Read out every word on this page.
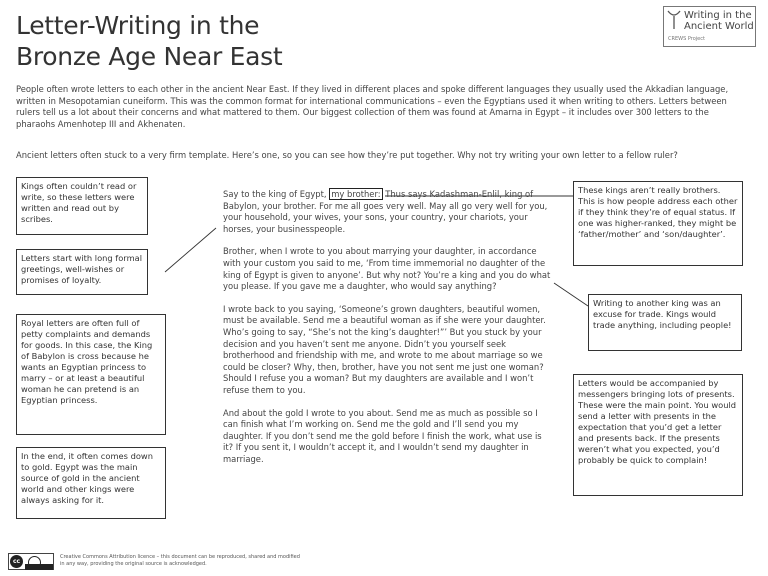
Letter-Writing in the
Bronze Age Near East
Writing in the
Ancient World
CREWS Project

People often wrote letters to each other in the ancient Near East. If they lived in different places and spoke different languages they usually used the Akkadian language, written in Mesopotamian cuneiform. This was the common format for international communications – even the Egyptians used it when writing to others. Letters between rulers tell us a lot about their concerns and what mattered to them. Our biggest collection of them was found at Amarna in Egypt – it includes over 300 letters to the pharaohs Amenhotep III and Akhenaten.

Ancient letters often stuck to a very firm template. Here’s one, so you can see how they’re put together. Why not try writing your own letter to a fellow ruler?

Say to the king of Egypt, my brother: Thus says Kadashman-Enlil, king of Babylon, your brother. For me all goes very well. May all go very well for you, your household, your wives, your sons, your country, your chariots, your horses, your businesspeople.

Brother, when I wrote to you about marrying your daughter, in accordance with your custom you said to me, ‘From time immemorial no daughter of the king of Egypt is given to anyone’. But why not? You’re a king and you do what you please. If you gave me a daughter, who would say anything?

I wrote back to you saying, ‘Someone’s grown daughters, beautiful women, must be available. Send me a beautiful woman as if she were your daughter. Who’s going to say, “She’s not the king’s daughter!”’ But you stuck by your decision and you haven’t sent me anyone. Didn’t you yourself seek brotherhood and friendship with me, and wrote to me about marriage so we could be closer? Why, then, brother, have you not sent me just one woman? Should I refuse you a woman? But my daughters are available and I won’t refuse them to you.

And about the gold I wrote to you about. Send me as much as possible so I can finish what I’m working on. Send me the gold and I’ll send you my daughter. If you don’t send me the gold before I finish the work, what use is it? If you sent it, I wouldn’t accept it, and I wouldn’t send my daughter in marriage.

Kings often couldn’t read or write, so these letters were written and read out by scribes.
Letters start with long formal greetings, well-wishes or promises of loyalty.
Royal letters are often full of petty complaints and demands for goods. In this case, the King of Babylon is cross because he wants an Egyptian princess to marry – or at least a beautiful woman he can pretend is an Egyptian princess.
In the end, it often comes down to gold. Egypt was the main source of gold in the ancient world and other kings were always asking for it.
These kings aren’t really brothers. This is how people address each other if they think they’re of equal status. If one was higher-ranked, they might be ‘father/mother’ and ‘son/daughter’.
Writing to another king was an excuse for trade. Kings would trade anything, including people!
Letters would be accompanied by messengers bringing lots of presents. These were the main point. You would send a letter with presents in the expectation that you’d get a letter and presents back. If the presents weren’t what you expected, you’d probably be quick to complain!
cc
Creative Commons Attribution licence – this document can be reproduced, shared and modified in any way, providing the original source is acknowledged.
